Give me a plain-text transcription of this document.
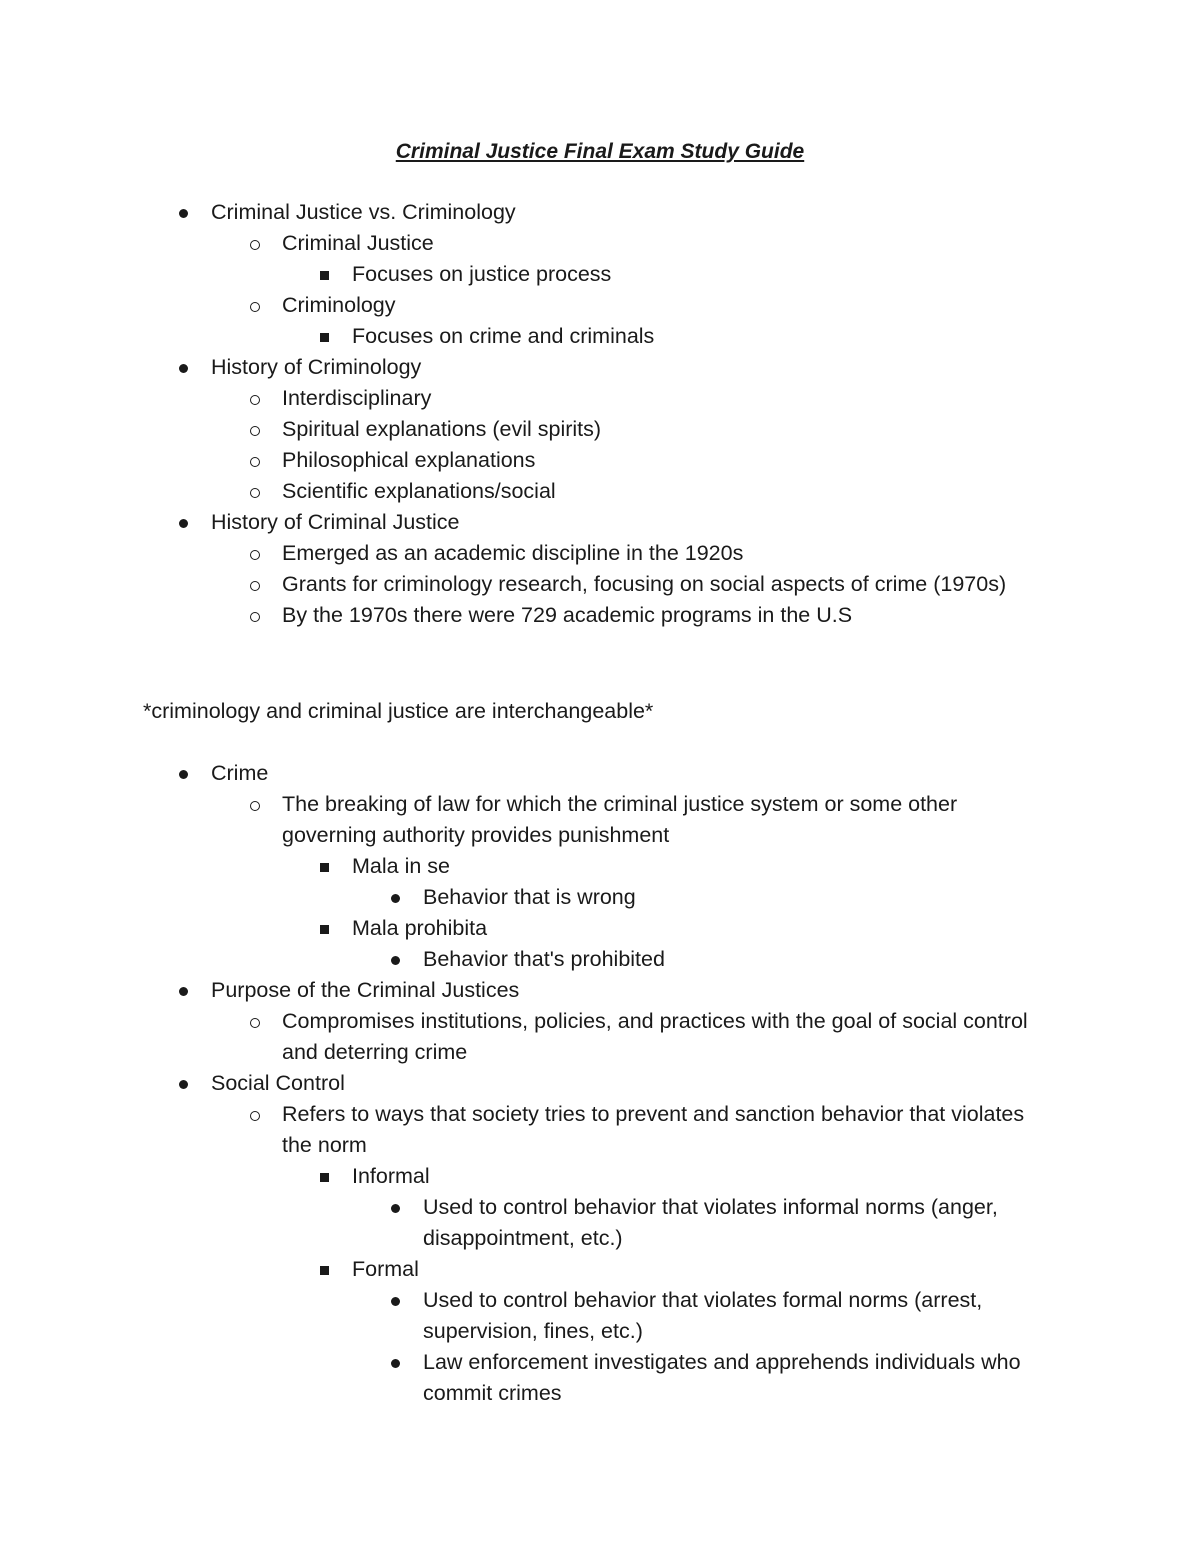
Criminal Justice Final Exam Study Guide
Criminal Justice vs. Criminology
Criminal Justice
Focuses on justice process
Criminology
Focuses on crime and criminals
History of Criminology
Interdisciplinary
Spiritual explanations (evil spirits)
Philosophical explanations
Scientific explanations/social
History of Criminal Justice
Emerged as an academic discipline in the 1920s
Grants for criminology research, focusing on social aspects of crime (1970s)
By the 1970s there were 729 academic programs in the U.S

*criminology and criminal justice are interchangeable*

Crime
The breaking of law for which the criminal justice system or some other governing authority provides punishment
Mala in se
Behavior that is wrong
Mala prohibita
Behavior that's prohibited
Purpose of the Criminal Justices
Compromises institutions, policies, and practices with the goal of social control and deterring crime
Social Control
Refers to ways that society tries to prevent and sanction behavior that violates the norm
Informal
Used to control behavior that violates informal norms (anger, disappointment, etc.)
Formal
Used to control behavior that violates formal norms (arrest, supervision, fines, etc.)
Law enforcement investigates and apprehends individuals who commit crimes
